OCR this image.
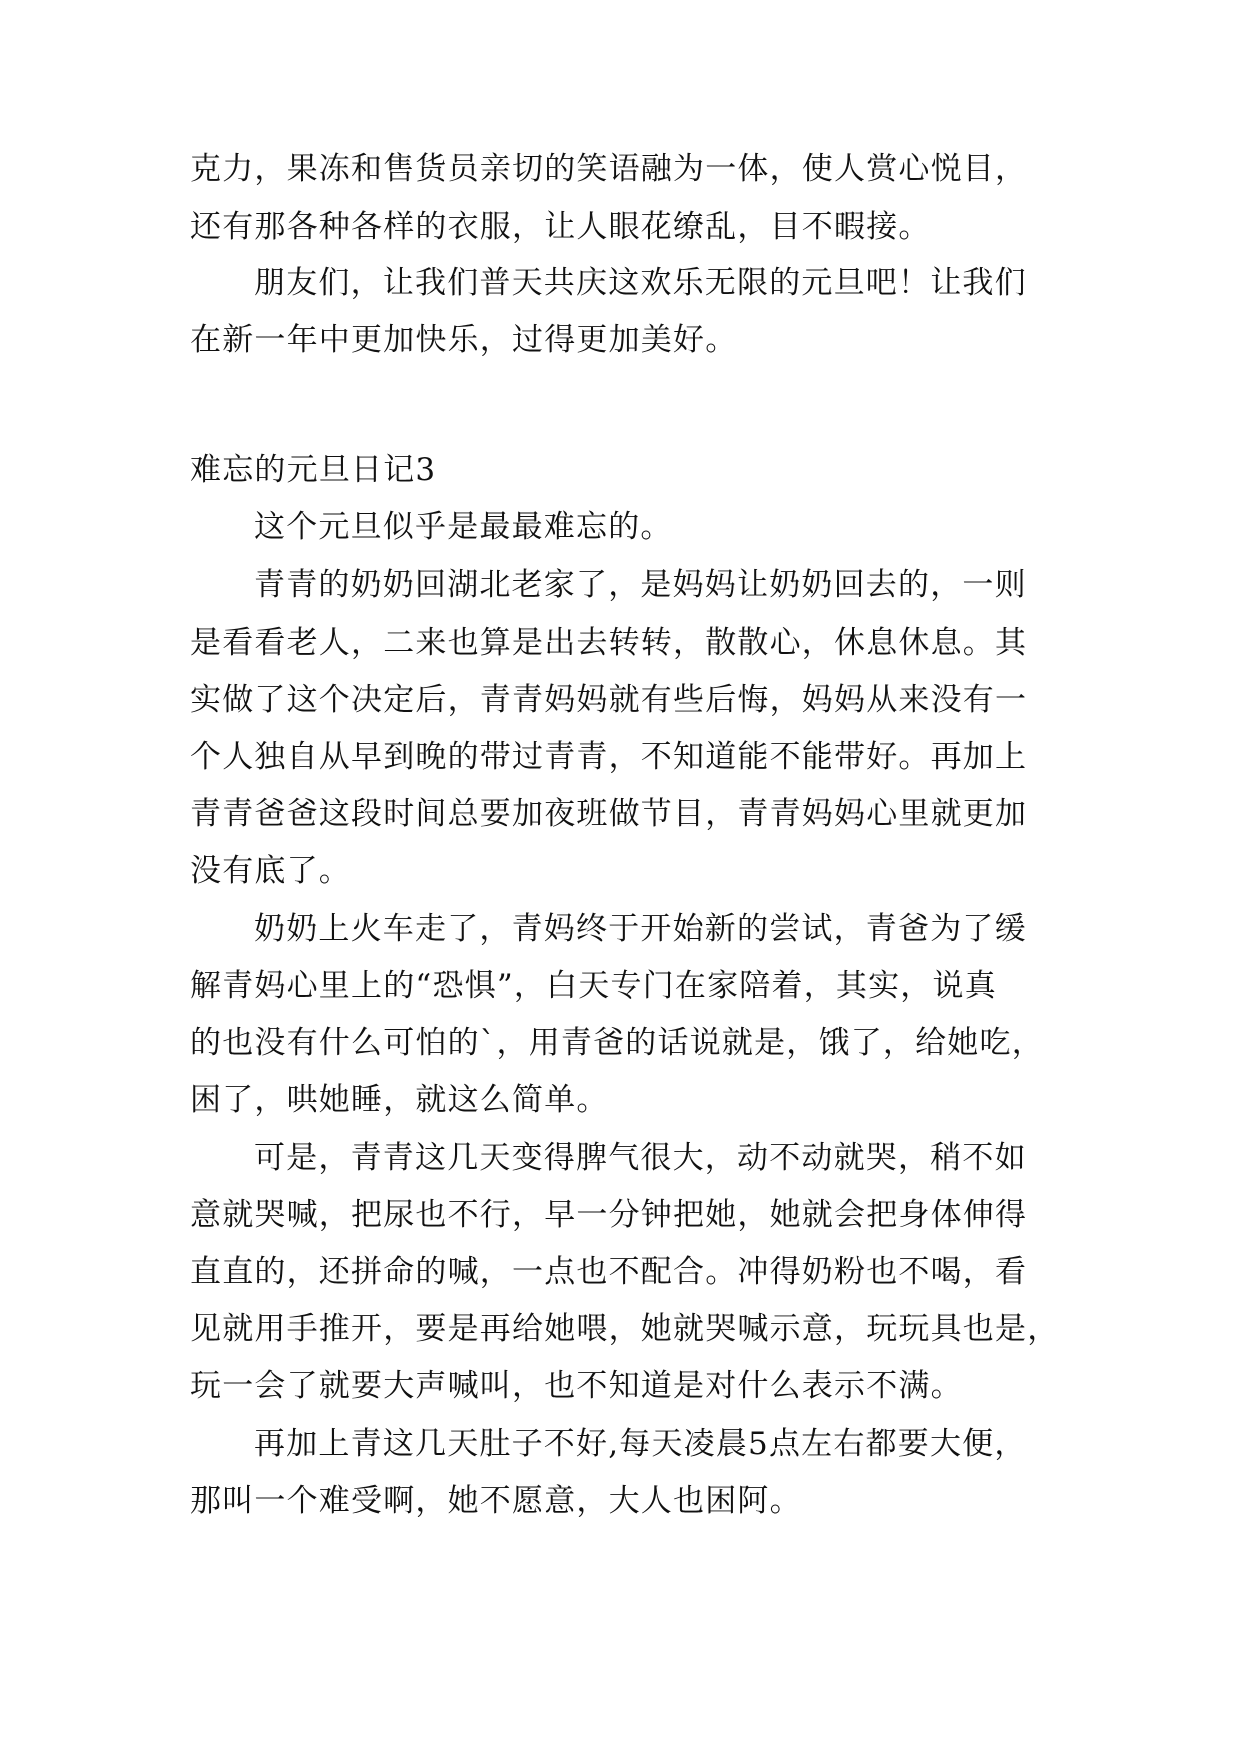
克力，果冻和售货员亲切的笑语融为一体，使人赏心悦目，
还有那各种各样的衣服，让人眼花缭乱，目不暇接。
朋友们，让我们普天共庆这欢乐无限的元旦吧！让我们
在新一年中更加快乐，过得更加美好。
难忘的元旦日记3
这个元旦似乎是最最难忘的。
青青的奶奶回湖北老家了，是妈妈让奶奶回去的，一则
是看看老人，二来也算是出去转转，散散心，休息休息。其
实做了这个决定后，青青妈妈就有些后悔，妈妈从来没有一
个人独自从早到晚的带过青青，不知道能不能带好。再加上
青青爸爸这段时间总要加夜班做节目，青青妈妈心里就更加
没有底了。
奶奶上火车走了，青妈终于开始新的尝试，青爸为了缓
解青妈心里上的“恐惧”，白天专门在家陪着，其实，说真
的也没有什么可怕的`，用青爸的话说就是，饿了，给她吃，
困了，哄她睡，就这么简单。
可是，青青这几天变得脾气很大，动不动就哭，稍不如
意就哭喊，把尿也不行，早一分钟把她，她就会把身体伸得
直直的，还拼命的喊，一点也不配合。冲得奶粉也不喝，看
见就用手推开，要是再给她喂，她就哭喊示意，玩玩具也是，
玩一会了就要大声喊叫，也不知道是对什么表示不满。
再加上青这几天肚子不好,每天凌晨5点左右都要大便，
那叫一个难受啊，她不愿意，大人也困阿。
